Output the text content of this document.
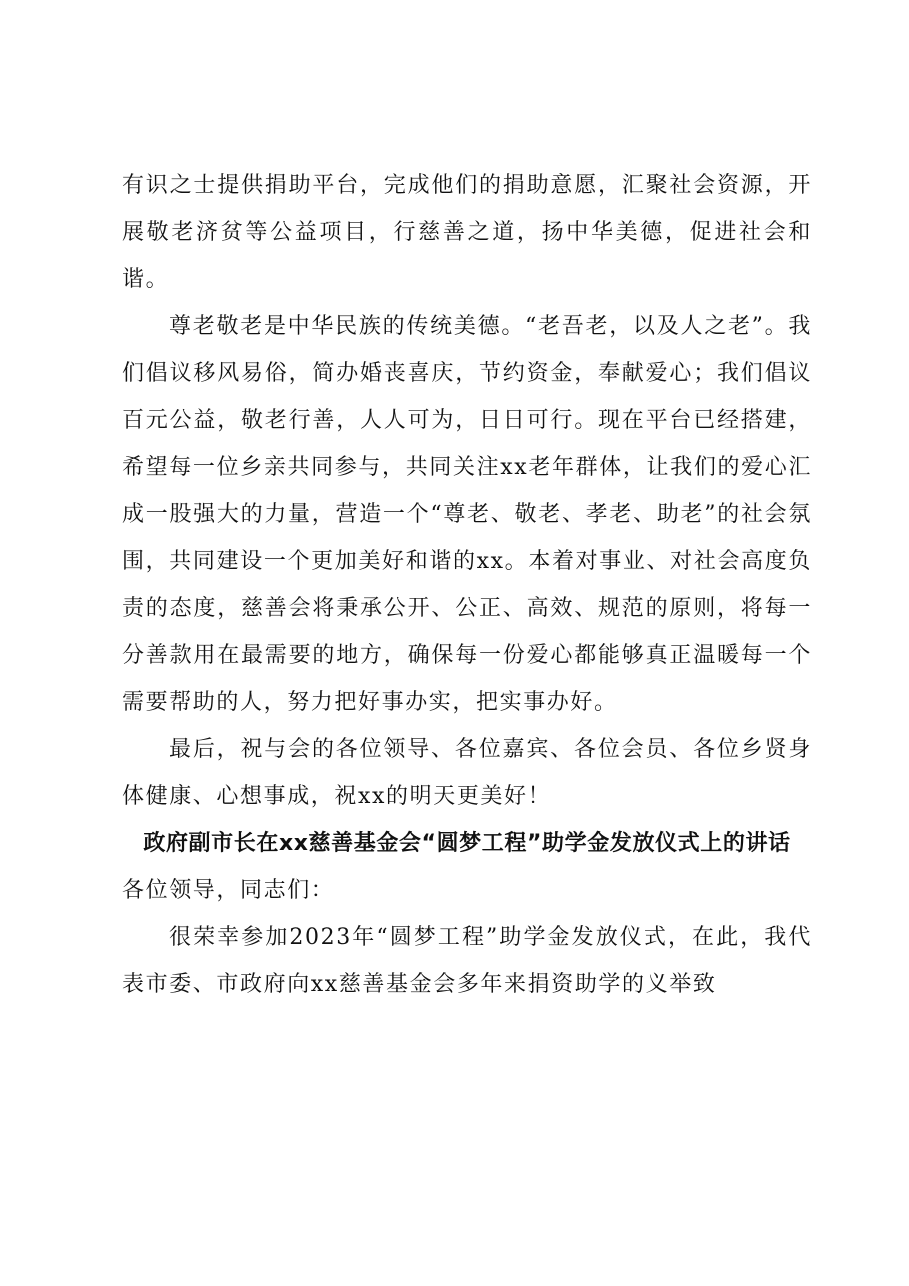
有识之士提供捐助平台，完成他们的捐助意愿，汇聚社会资源，开展敬老济贫等公益项目，行慈善之道，扬中华美德，促进社会和谐。

尊老敬老是中华民族的传统美德。“老吾老，以及人之老”。我们倡议移风易俗，简办婚丧喜庆，节约资金，奉献爱心；我们倡议百元公益，敬老行善，人人可为，日日可行。现在平台已经搭建，希望每一位乡亲共同参与，共同关注xx老年群体，让我们的爱心汇成一股强大的力量，营造一个“尊老、敬老、孝老、助老”的社会氛围，共同建设一个更加美好和谐的xx。本着对事业、对社会高度负责的态度，慈善会将秉承公开、公正、高效、规范的原则，将每一分善款用在最需要的地方，确保每一份爱心都能够真正温暖每一个需要帮助的人，努力把好事办实，把实事办好。

最后，祝与会的各位领导、各位嘉宾、各位会员、各位乡贤身体健康、心想事成，祝xx的明天更美好！

政府副市长在xx慈善基金会“圆梦工程”助学金发放仪式上的讲话

各位领导，同志们：

很荣幸参加2023年“圆梦工程”助学金发放仪式，在此，我代表市委、市政府向xx慈善基金会多年来捐资助学的义举致
